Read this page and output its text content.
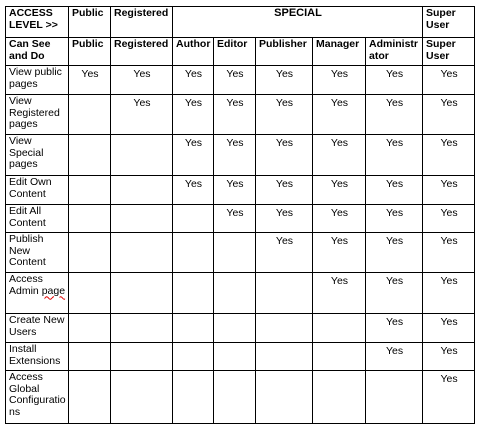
ACCESS LEVEL >>	Public	Registered	SPECIAL					Super User
Can See and Do	Public	Registered	Author	Editor	Publisher	Manager	Administr ator	Super User
View public pages	Yes	Yes	Yes	Yes	Yes	Yes	Yes	Yes
View Registered pages		Yes	Yes	Yes	Yes	Yes	Yes	Yes
View Special pages			Yes	Yes	Yes	Yes	Yes	Yes
Edit Own Content			Yes	Yes	Yes	Yes	Yes	Yes
Edit All Content				Yes	Yes	Yes	Yes	Yes
Publish New Content					Yes	Yes	Yes	Yes
Access Admin page						Yes	Yes	Yes
Create New Users							Yes	Yes
Install Extensions							Yes	Yes
Access Global Configurations								Yes
